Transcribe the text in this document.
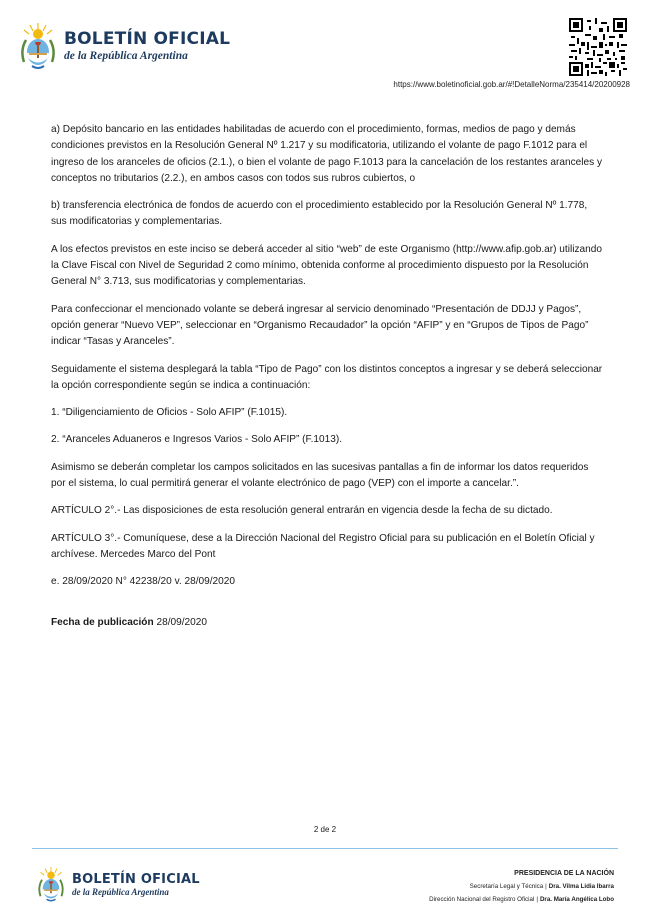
BOLETÍN OFICIAL
de la República Argentina
https://www.boletinoficial.gob.ar/#!DetalleNorma/235414/20200928

a) Depósito bancario en las entidades habilitadas de acuerdo con el procedimiento, formas, medios de pago y demás condiciones previstos en la Resolución General Nº 1.217 y su modificatoria, utilizando el volante de pago F.1012 para el ingreso de los aranceles de oficios (2.1.), o bien el volante de pago F.1013 para la cancelación de los restantes aranceles y conceptos no tributarios (2.2.), en ambos casos con todos sus rubros cubiertos, o

b) transferencia electrónica de fondos de acuerdo con el procedimiento establecido por la Resolución General Nº 1.778, sus modificatorias y complementarias.

A los efectos previstos en este inciso se deberá acceder al sitio “web” de este Organismo (http://www.afip.gob.ar) utilizando la Clave Fiscal con Nivel de Seguridad 2 como mínimo, obtenida conforme al procedimiento dispuesto por la Resolución General N° 3.713, sus modificatorias y complementarias.

Para confeccionar el mencionado volante se deberá ingresar al servicio denominado “Presentación de DDJJ y Pagos”, opción generar “Nuevo VEP”, seleccionar en “Organismo Recaudador” la opción “AFIP” y en “Grupos de Tipos de Pago” indicar “Tasas y Aranceles”.

Seguidamente el sistema desplegará la tabla “Tipo de Pago” con los distintos conceptos a ingresar y se deberá seleccionar la opción correspondiente según se indica a continuación:

1. “Diligenciamiento de Oficios - Solo AFIP” (F.1015).

2. “Aranceles Aduaneros e Ingresos Varios - Solo AFIP” (F.1013).

Asimismo se deberán completar los campos solicitados en las sucesivas pantallas a fin de informar los datos requeridos por el sistema, lo cual permitirá generar el volante electrónico de pago (VEP) con el importe a cancelar.”.

ARTÍCULO 2°.- Las disposiciones de esta resolución general entrarán en vigencia desde la fecha de su dictado.

ARTÍCULO 3°.- Comuníquese, dese a la Dirección Nacional del Registro Oficial para su publicación en el Boletín Oficial y archívese. Mercedes Marco del Pont

e. 28/09/2020 N° 42238/20 v. 28/09/2020

Fecha de publicación 28/09/2020

2 de 2
BOLETÍN OFICIAL
de la República Argentina
PRESIDENCIA DE LA NACIÓN
Secretaría Legal y Técnica | Dra. Vilma Lidia Ibarra
Dirección Nacional del Registro Oficial | Dra. María Angélica Lobo
